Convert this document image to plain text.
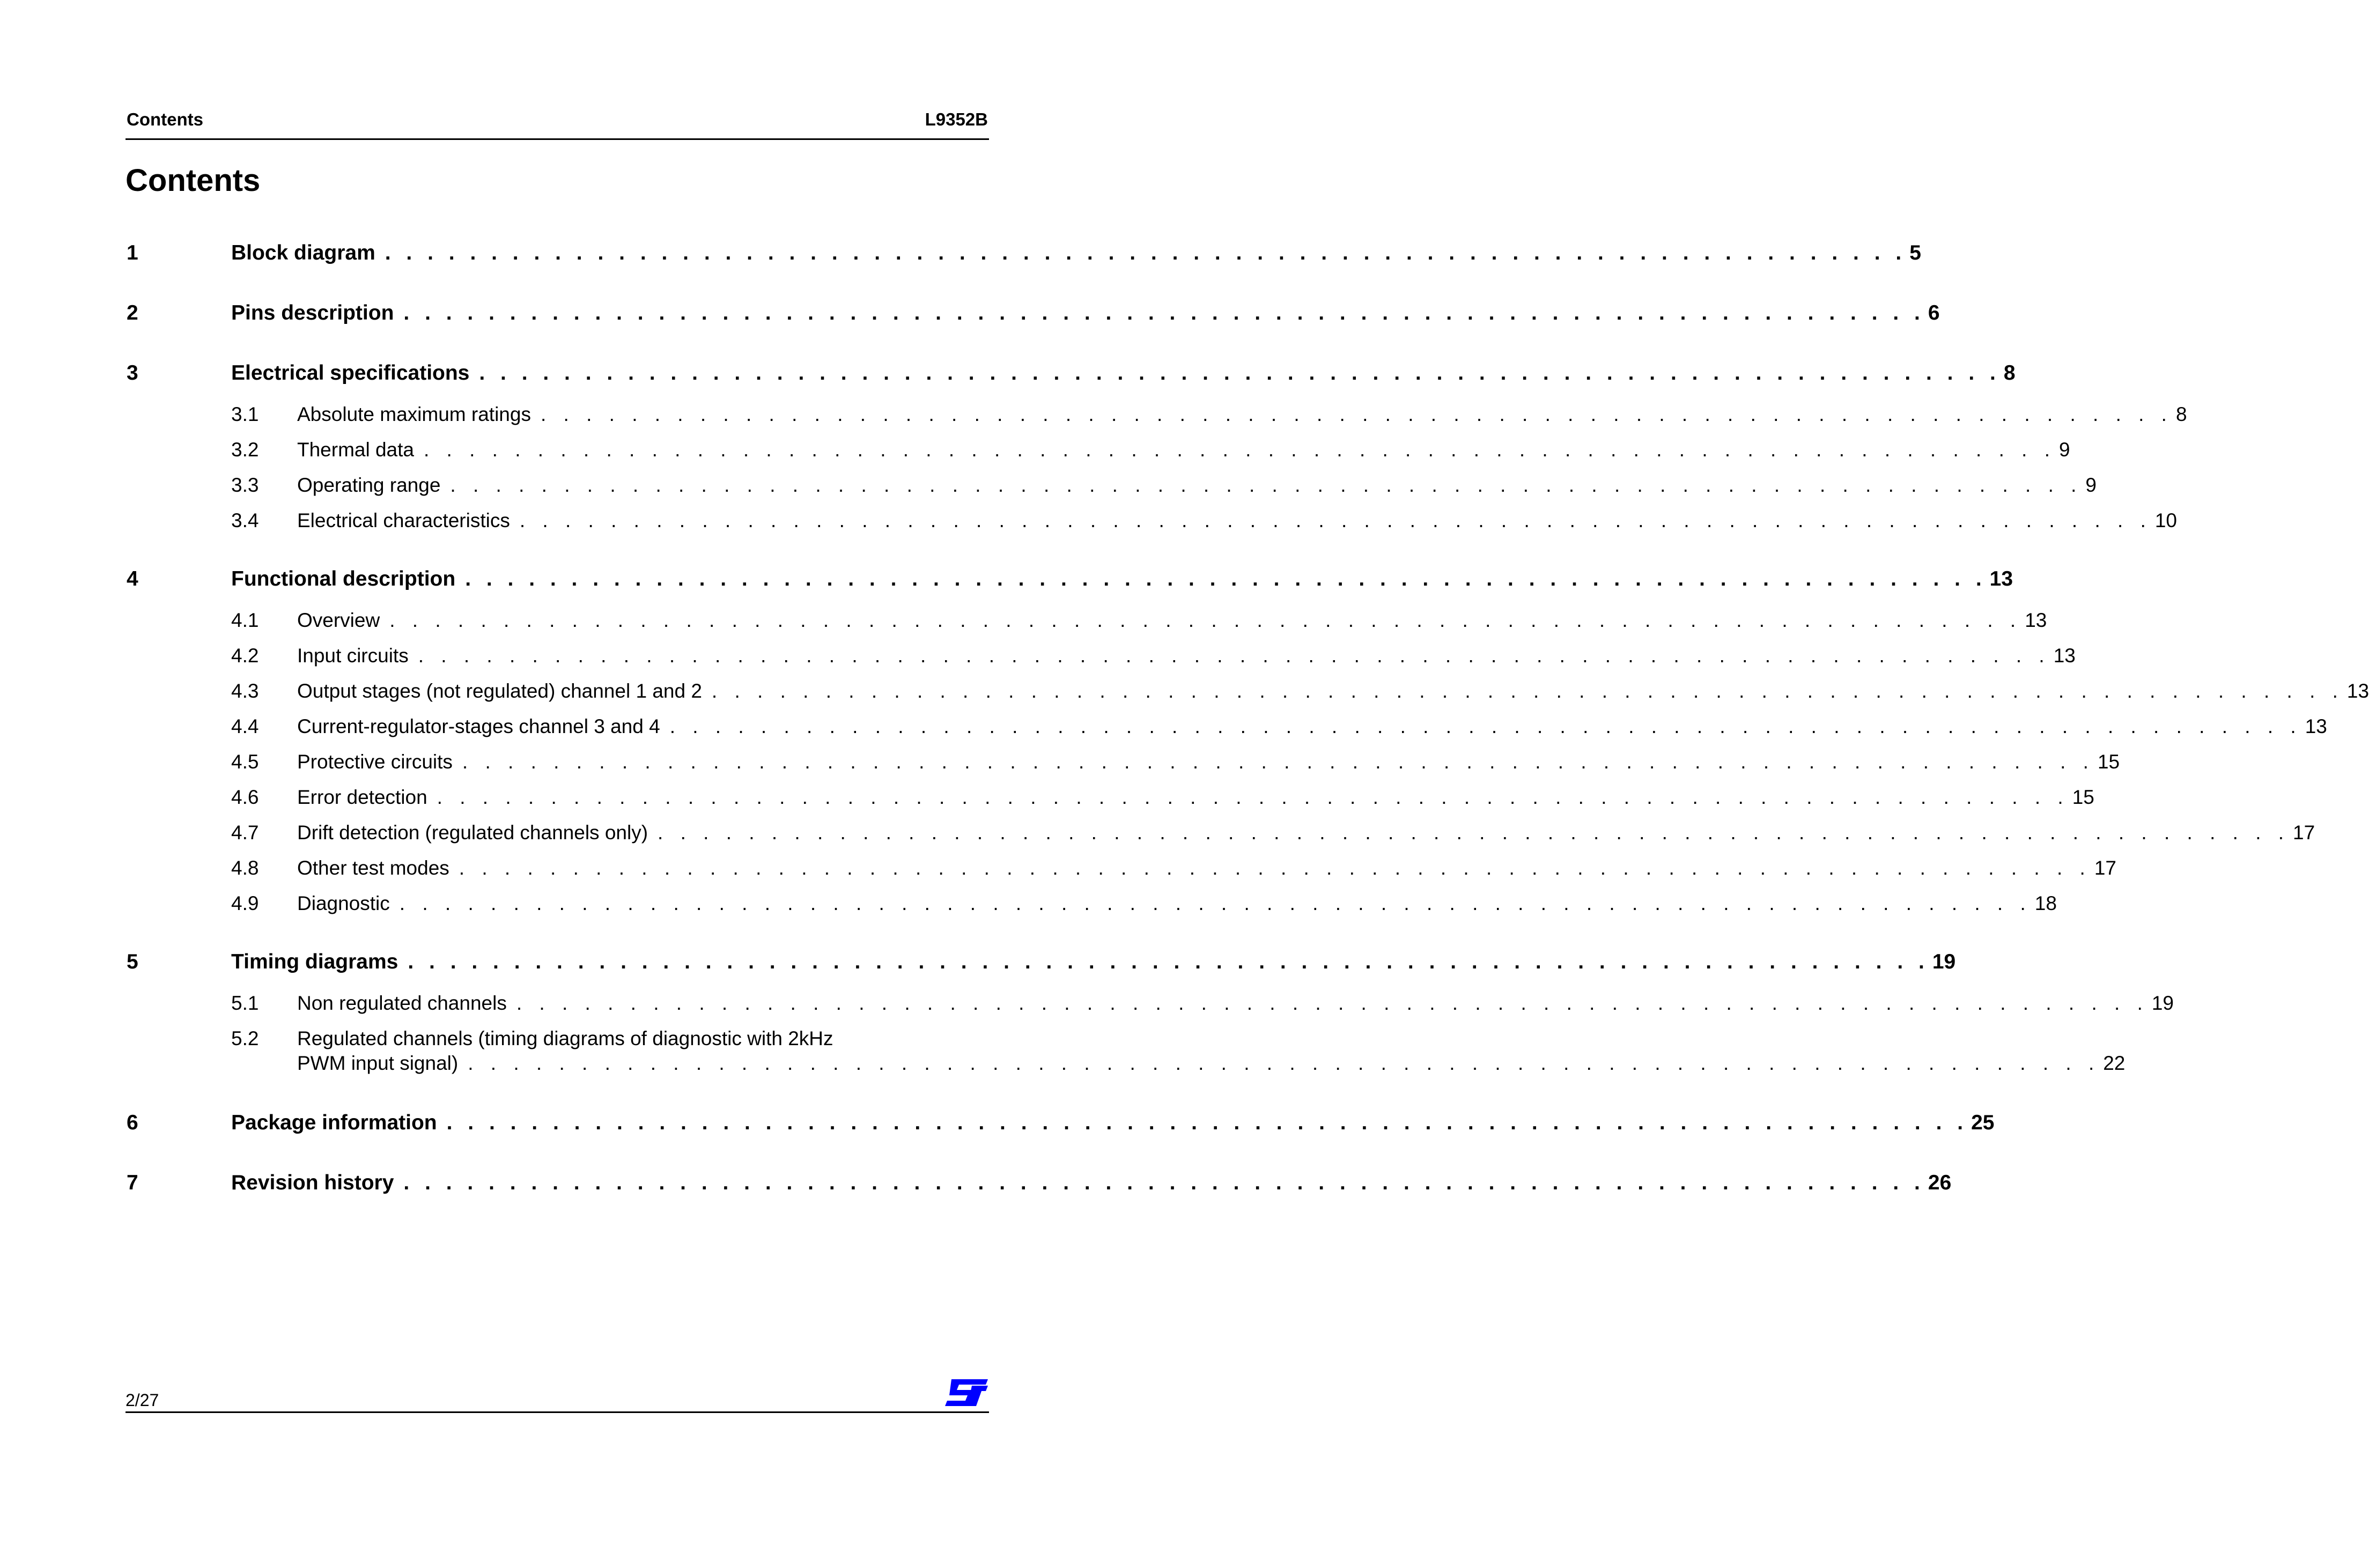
Contents	L9352B
Contents
1	Block diagram . . . . . . . . . . . . . . . . . . . . . . . . . . . . . . . . . . . . . . . . . . . . . . . . . . . . . . . . . . . . . . . . . . . . . . . . 5
2	Pins description . . . . . . . . . . . . . . . . . . . . . . . . . . . . . . . . . . . . . . . . . . . . . . . . . . . . . . . . . . . . . . . . . . . . . . . . 6
3	Electrical specifications . . . . . . . . . . . . . . . . . . . . . . . . . . . . . . . . . . . . . . . . . . . . . . . . . . . . . . . . . . . . . . . . . . . . . . . . 8
3.1 Absolute maximum ratings . . . . . . . . . . . . . . . . . . . . . . . . . . . . . . . . . . . . . . . . . . . . . . . . . . . . . . . . . . . . . . . . . . . . . . . . 8
3.2 Thermal data . . . . . . . . . . . . . . . . . . . . . . . . . . . . . . . . . . . . . . . . . . . . . . . . . . . . . . . . . . . . . . . . . . . . . . . . 9
3.3 Operating range . . . . . . . . . . . . . . . . . . . . . . . . . . . . . . . . . . . . . . . . . . . . . . . . . . . . . . . . . . . . . . . . . . . . . . . . 9
3.4 Electrical characteristics . . . . . . . . . . . . . . . . . . . . . . . . . . . . . . . . . . . . . . . . . . . . . . . . . . . . . . . . . . . . . . . . . . . . . . . . 10
4	Functional description . . . . . . . . . . . . . . . . . . . . . . . . . . . . . . . . . . . . . . . . . . . . . . . . . . . . . . . . . . . . . . . . . . . . . . . . 13
4.1 Overview . . . . . . . . . . . . . . . . . . . . . . . . . . . . . . . . . . . . . . . . . . . . . . . . . . . . . . . . . . . . . . . . . . . . . . . . 13
4.2 Input circuits . . . . . . . . . . . . . . . . . . . . . . . . . . . . . . . . . . . . . . . . . . . . . . . . . . . . . . . . . . . . . . . . . . . . . . . . 13
4.3 Output stages (not regulated) channel 1 and 2 . . . . . . . . . . . . . . . . . . . . . . . . . . . . . . . . . . . . . . . . . . . . . . . . . . . . . . . . . . . . . . . . . . . . . . . . 13
4.4 Current-regulator-stages channel 3 and 4 . . . . . . . . . . . . . . . . . . . . . . . . . . . . . . . . . . . . . . . . . . . . . . . . . . . . . . . . . . . . . . . . . . . . . . . . 13
4.5 Protective circuits . . . . . . . . . . . . . . . . . . . . . . . . . . . . . . . . . . . . . . . . . . . . . . . . . . . . . . . . . . . . . . . . . . . . . . . . 15
4.6 Error detection . . . . . . . . . . . . . . . . . . . . . . . . . . . . . . . . . . . . . . . . . . . . . . . . . . . . . . . . . . . . . . . . . . . . . . . . 15
4.7 Drift detection (regulated channels only) . . . . . . . . . . . . . . . . . . . . . . . . . . . . . . . . . . . . . . . . . . . . . . . . . . . . . . . . . . . . . . . . . . . . . . . . 17
4.8 Other test modes . . . . . . . . . . . . . . . . . . . . . . . . . . . . . . . . . . . . . . . . . . . . . . . . . . . . . . . . . . . . . . . . . . . . . . . . 17
4.9 Diagnostic . . . . . . . . . . . . . . . . . . . . . . . . . . . . . . . . . . . . . . . . . . . . . . . . . . . . . . . . . . . . . . . . . . . . . . . . 18
5	Timing diagrams . . . . . . . . . . . . . . . . . . . . . . . . . . . . . . . . . . . . . . . . . . . . . . . . . . . . . . . . . . . . . . . . . . . . . . . . 19
5.1 Non regulated channels . . . . . . . . . . . . . . . . . . . . . . . . . . . . . . . . . . . . . . . . . . . . . . . . . . . . . . . . . . . . . . . . . . . . . . . . 19
5.2 Regulated channels (timing diagrams of diagnostic with 2kHz
PWM input signal) . . . . . . . . . . . . . . . . . . . . . . . . . . . . . . . . . . . . . . . . . . . . . . . . . . . . . . . . . . . . . . . . . . . . . . . . 22
6	Package information . . . . . . . . . . . . . . . . . . . . . . . . . . . . . . . . . . . . . . . . . . . . . . . . . . . . . . . . . . . . . . . . . . . . . . . . 25
7	Revision history . . . . . . . . . . . . . . . . . . . . . . . . . . . . . . . . . . . . . . . . . . . . . . . . . . . . . . . . . . . . . . . . . . . . . . . . 26
2/27	ST
